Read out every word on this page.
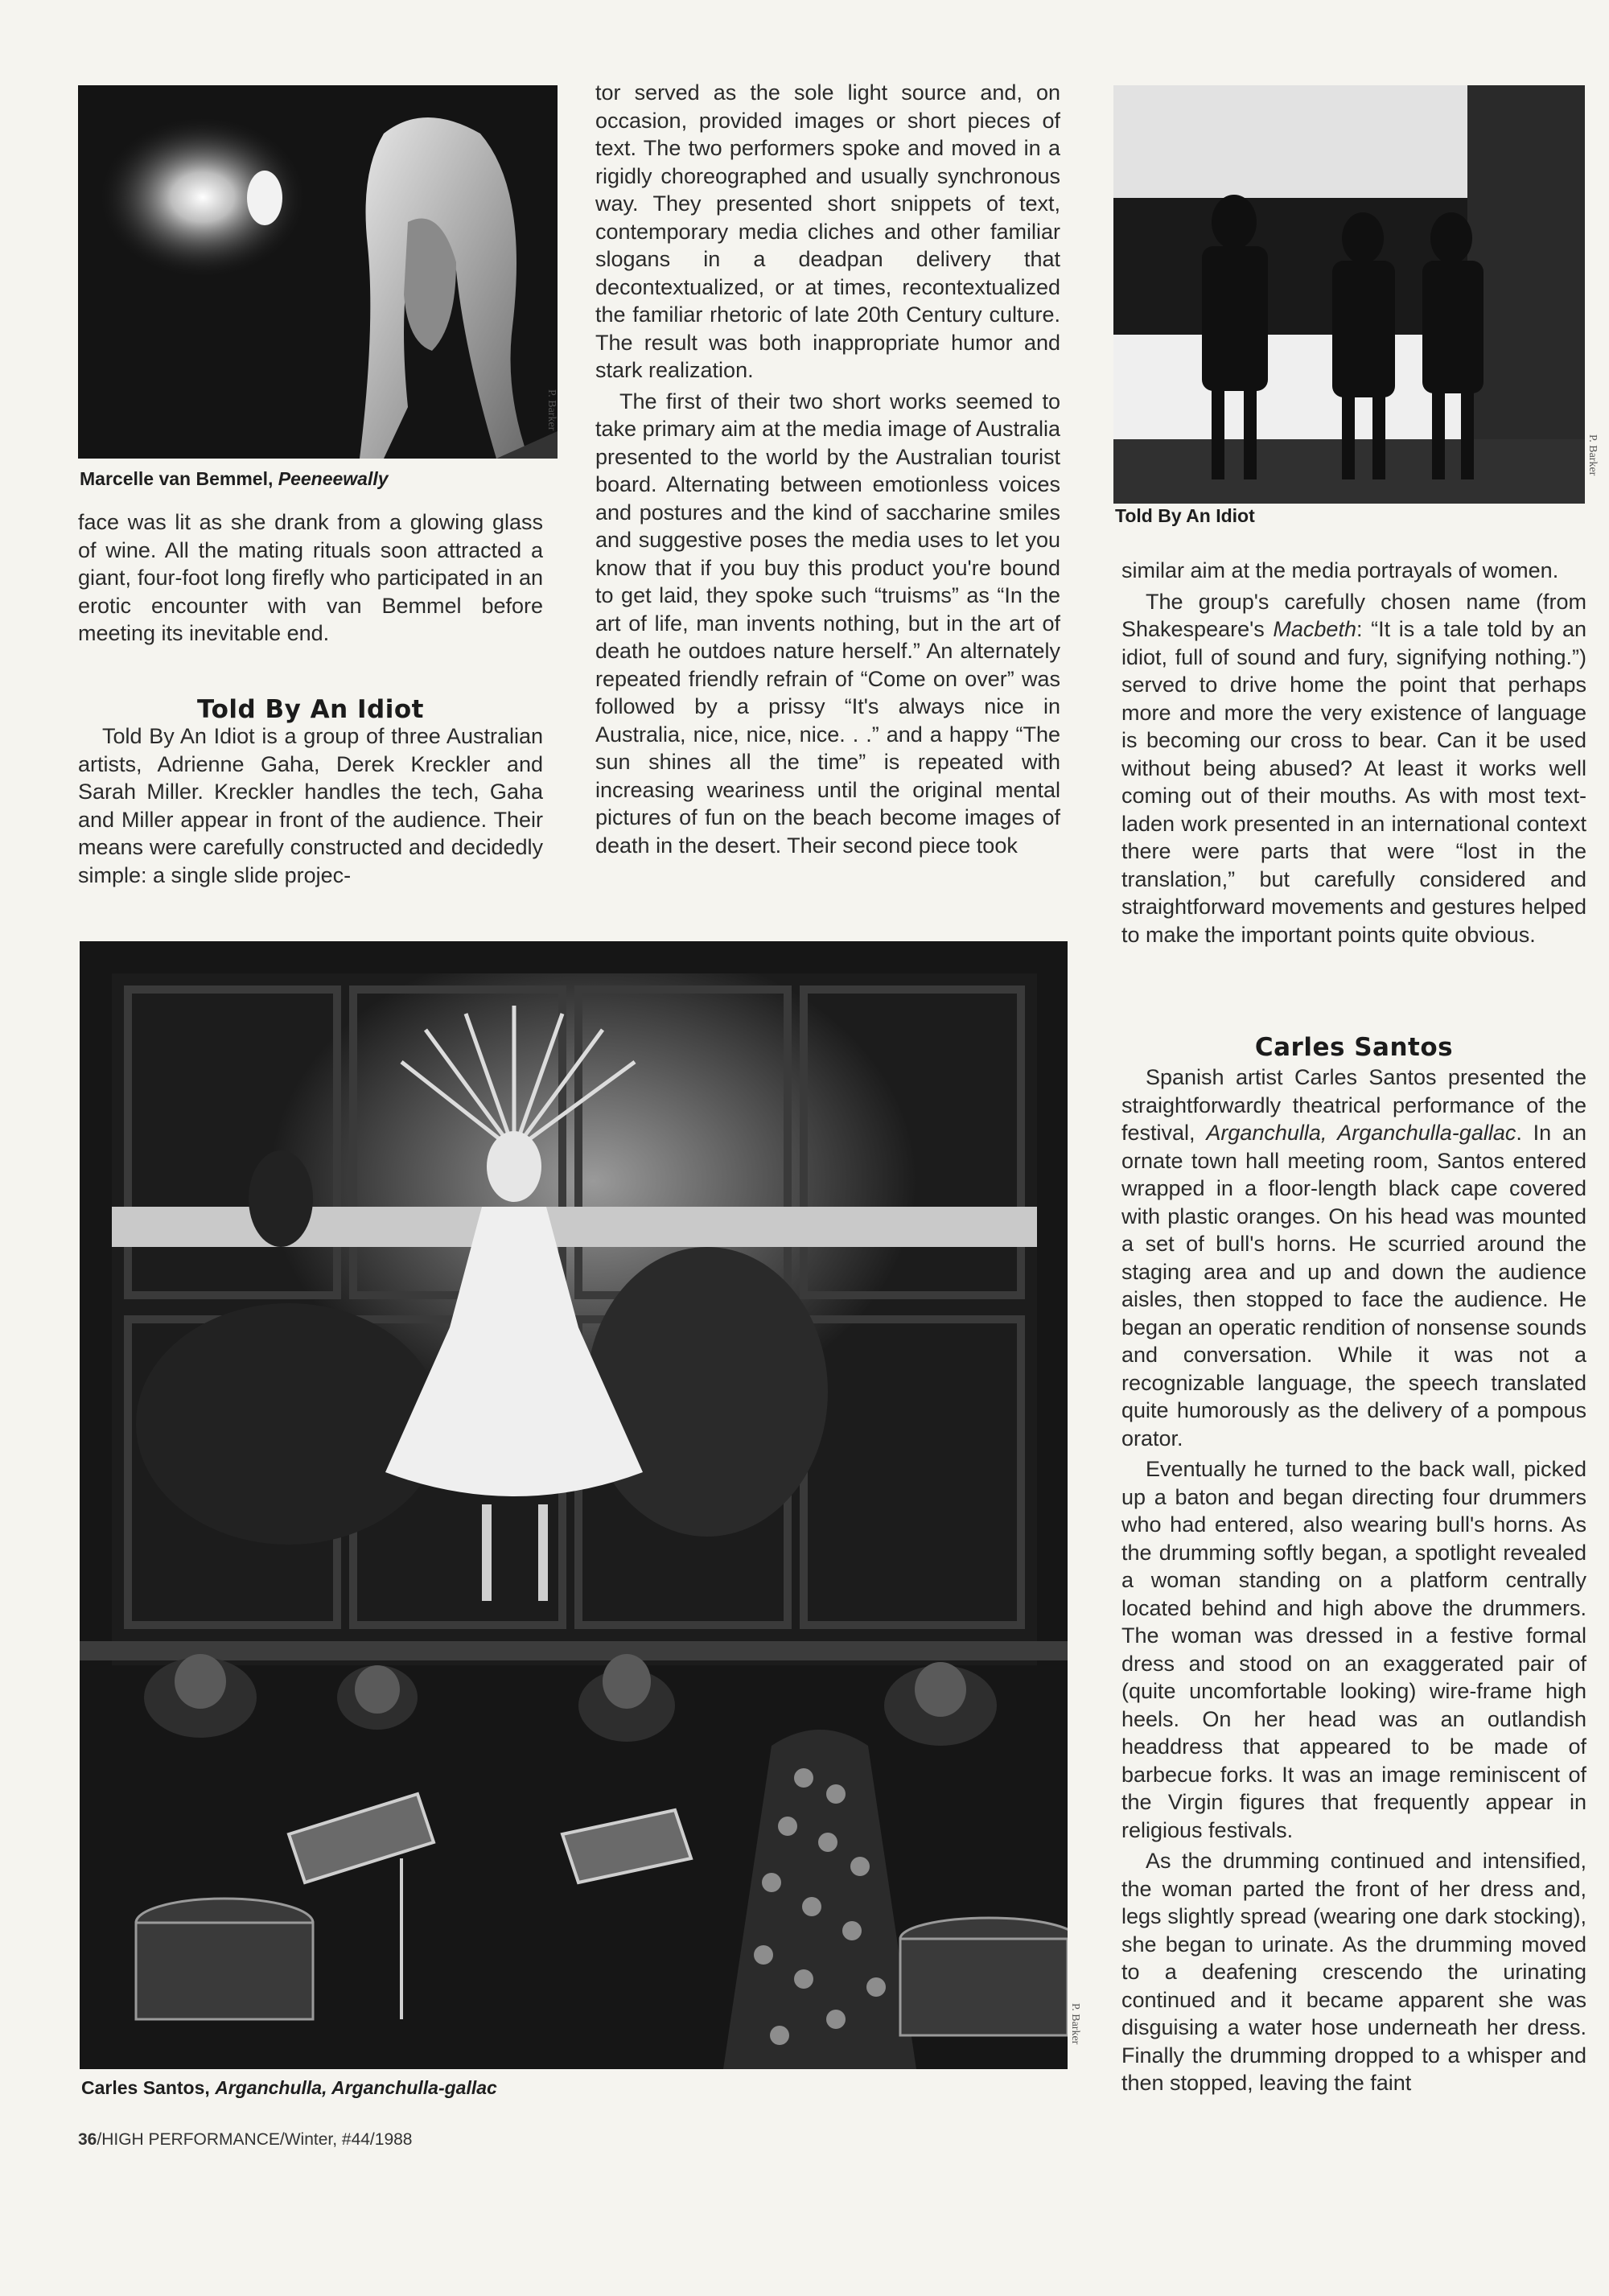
P. Barker
Marcelle van Bemmel, Peeneewally
P. Barker
Told By An Idiot

face was lit as she drank from a glowing glass of wine. All the mating rituals soon attracted a giant, four-foot long firefly who participated in an erotic encounter with van Bemmel before meeting its inevitable end.

Told By An Idiot

Told By An Idiot is a group of three Australian artists, Adrienne Gaha, Derek Kreckler and Sarah Miller. Kreckler handles the tech, Gaha and Miller appear in front of the audience. Their means were carefully constructed and decidedly simple: a single slide projec-

tor served as the sole light source and, on occasion, provided images or short pieces of text. The two performers spoke and moved in a rigidly choreographed and usually synchronous way. They presented short snippets of text, contemporary media cliches and other familiar slogans in a deadpan delivery that decontextualized, or at times, recontextualized the familiar rhetoric of late 20th Century culture. The result was both inappropriate humor and stark realization.

The first of their two short works seemed to take primary aim at the media image of Australia presented to the world by the Australian tourist board. Alternating between emotionless voices and postures and the kind of saccharine smiles and suggestive poses the media uses to let you know that if you buy this product you're bound to get laid, they spoke such “truisms” as “In the art of life, man invents nothing, but in the art of death he outdoes nature herself.” An alternately repeated friendly refrain of “Come on over” was followed by a prissy “It's always nice in Australia, nice, nice, nice. . .” and a happy “The sun shines all the time” is repeated with increasing weariness until the original mental pictures of fun on the beach become images of death in the desert. Their second piece took

similar aim at the media portrayals of women.

The group's carefully chosen name (from Shakespeare's Macbeth: “It is a tale told by an idiot, full of sound and fury, signifying nothing.”) served to drive home the point that perhaps more and more the very existence of language is becoming our cross to bear. Can it be used without being abused? At least it works well coming out of their mouths. As with most text-laden work presented in an international context there were parts that were “lost in the translation,” but carefully considered and straightforward movements and gestures helped to make the important points quite obvious.

Carles Santos

Spanish artist Carles Santos presented the straightforwardly theatrical performance of the festival, Arganchulla, Arganchulla-gallac. In an ornate town hall meeting room, Santos entered wrapped in a floor-length black cape covered with plastic oranges. On his head was mounted a set of bull's horns. He scurried around the staging area and up and down the audience aisles, then stopped to face the audience. He began an operatic rendition of nonsense sounds and conversation. While it was not a recognizable language, the speech translated quite humorously as the delivery of a pompous orator.

Eventually he turned to the back wall, picked up a baton and began directing four drummers who had entered, also wearing bull's horns. As the drumming softly began, a spotlight revealed a woman standing on a platform centrally located behind and high above the drummers. The woman was dressed in a festive formal dress and stood on an exaggerated pair of (quite uncomfortable looking) wire-frame high heels. On her head was an outlandish headdress that appeared to be made of barbecue forks. It was an image reminiscent of the Virgin figures that frequently appear in religious festivals.

As the drumming continued and intensified, the woman parted the front of her dress and, legs slightly spread (wearing one dark stocking), she began to urinate. As the drumming moved to a deafening crescendo the urinating continued and it became apparent she was disguising a water hose underneath her dress. Finally the drumming dropped to a whisper and then stopped, leaving the faint

P. Barker
Carles Santos, Arganchulla, Arganchulla-gallac
36/HIGH PERFORMANCE/Winter, #44/1988
